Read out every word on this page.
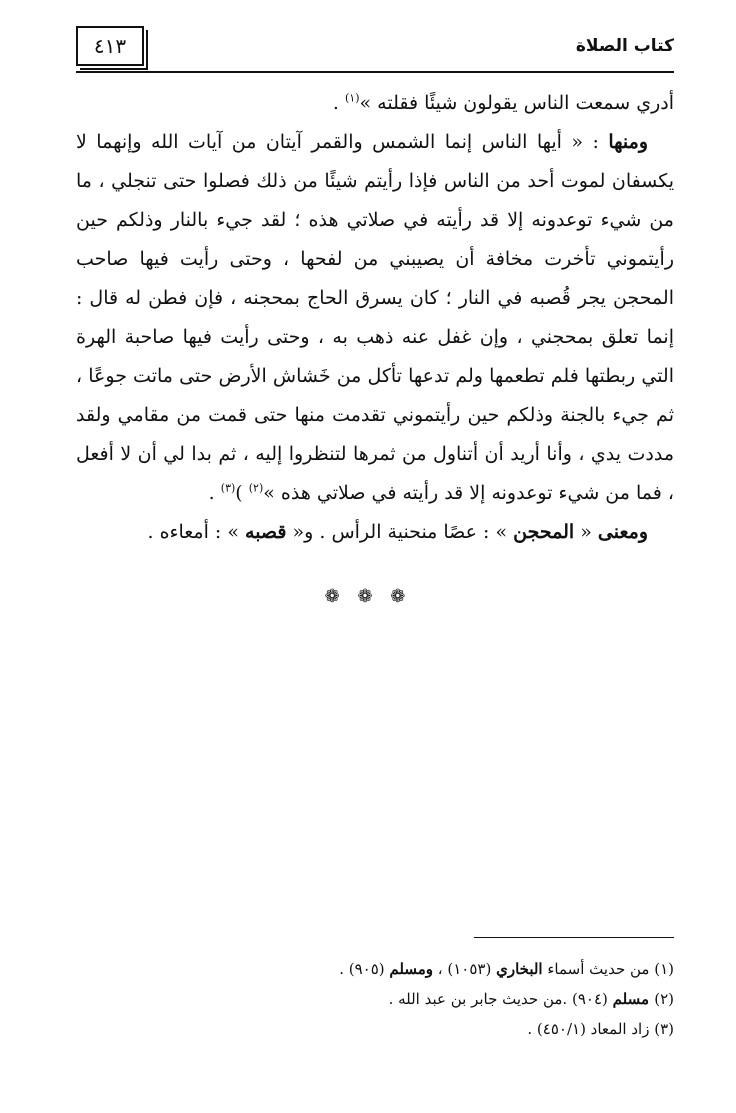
٤١٣	كتاب الصلاة

أدري سمعت الناس يقولون شيئًا فقلته »$^{(١)}$ .

ومنها : « أيها الناس إنما الشمس والقمر آيتان من آيات الله وإنهما لا يكسفان لموت أحد من الناس فإذا رأيتم شيئًا من ذلك فصلوا حتى تنجلي ، ما من شيء توعدونه إلا قد رأيته في صلاتي هذه ؛ لقد جيء بالنار وذلكم حين رأيتموني تأخرت مخافة أن يصيبني من لفحها ، وحتى رأيت فيها صاحب المحجن يجر قُصبه في النار ؛ كان يسرق الحاج بمحجنه ، فإن فطن له قال : إنما تعلق بمحجني ، وإن غفل عنه ذهب به ، وحتى رأيت فيها صاحبة الهرة التي ربطتها فلم تطعمها ولم تدعها تأكل من خَشاش الأرض حتى ماتت جوعًا ، ثم جيء بالجنة وذلكم حين رأيتموني تقدمت منها حتى قمت من مقامي ولقد مددت يدي ، وأنا أريد أن أتناول من ثمرها لتنظروا إليه ، ثم بدا لي أن لا أفعل ، فما من شيء توعدونه إلا قد رأيته في صلاتي هذه »$^{(٢)}$ )$^{(٣)}$ .

ومعنى « المحجن » : عصًا منحنية الرأس . و« قصبه » : أمعاءه .

❁ ❁ ❁

(١) من حديث أسماء البخاري (١٠٥٣) ، ومسلم (٩٠٥) .

(٢) مسلم (٩٠٤) .من حديث جابر بن عبد الله .

(٣) زاد المعاد (٤٥٠/١) .
